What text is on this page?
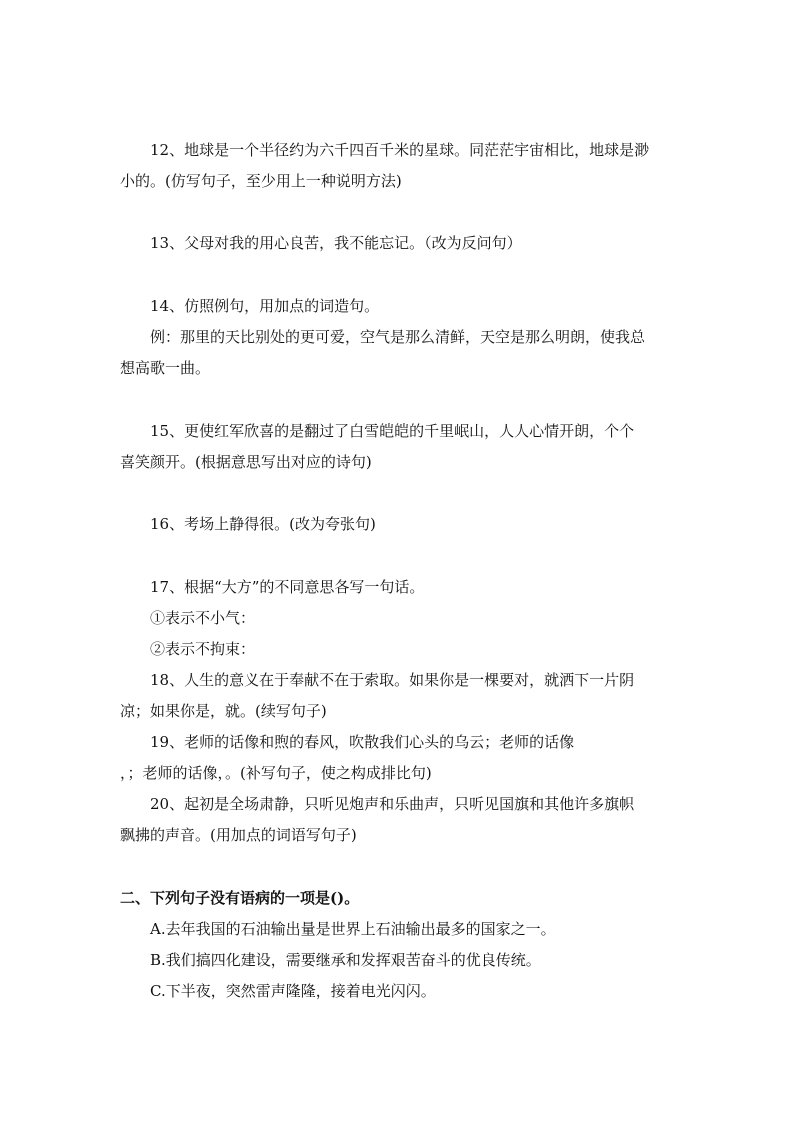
12、地球是一个半径约为六千四百千米的星球。同茫茫宇宙相比，地球是渺
小的。(仿写句子，至少用上一种说明方法)
13、父母对我的用心良苦，我不能忘记。（改为反问句）
14、仿照例句，用加点的词造句。
例：那里的天比别处的更可爱，空气是那么清鲜，天空是那么明朗，使我总
想高歌一曲。
15、更使红军欣喜的是翻过了白雪皑皑的千里岷山，人人心情开朗，个个
喜笑颜开。(根据意思写出对应的诗句)
16、考场上静得很。(改为夸张句)
17、根据“大方”的不同意思各写一句话。
①表示不小气：
②表示不拘束：
18、人生的意义在于奉献不在于索取。如果你是一棵要对，就洒下一片阴
凉；如果你是，就。(续写句子)
19、老师的话像和煦的春风，吹散我们心头的乌云；老师的话像
，；老师的话像，。(补写句子，使之构成排比句)
20、起初是全场肃静，只听见炮声和乐曲声，只听见国旗和其他许多旗帜
飘拂的声音。(用加点的词语写句子)
二、下列句子没有语病的一项是()。
A.去年我国的石油输出量是世界上石油输出最多的国家之一。
B.我们搞四化建设，需要继承和发挥艰苦奋斗的优良传统。
C.下半夜，突然雷声隆隆，接着电光闪闪。
